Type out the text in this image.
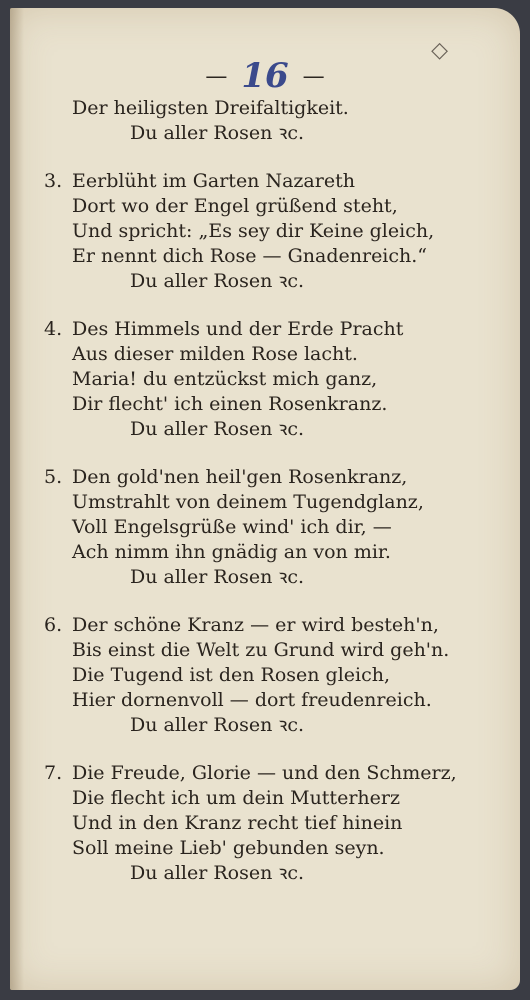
— 16 —
◇
Der heiligsten Dreifaltigkeit.
Du aller Rosen ꝛc.
3. Eerblüht im Garten Nazareth
Dort wo der Engel grüßend steht,
Und spricht: „Es sey dir Keine gleich,
Er nennt dich Rose — Gnadenreich.“
Du aller Rosen ꝛc.
4. Des Himmels und der Erde Pracht
Aus dieser milden Rose lacht.
Maria! du entzückst mich ganz,
Dir flecht' ich einen Rosenkranz.
Du aller Rosen ꝛc.
5. Den gold'nen heil'gen Rosenkranz,
Umstrahlt von deinem Tugendglanz,
Voll Engelsgrüße wind' ich dir, —
Ach nimm ihn gnädig an von mir.
Du aller Rosen ꝛc.
6. Der schöne Kranz — er wird besteh'n,
Bis einst die Welt zu Grund wird geh'n.
Die Tugend ist den Rosen gleich,
Hier dornenvoll — dort freudenreich.
Du aller Rosen ꝛc.
7. Die Freude, Glorie — und den Schmerz,
Die flecht ich um dein Mutterherz
Und in den Kranz recht tief hinein
Soll meine Lieb' gebunden seyn.
Du aller Rosen ꝛc.
